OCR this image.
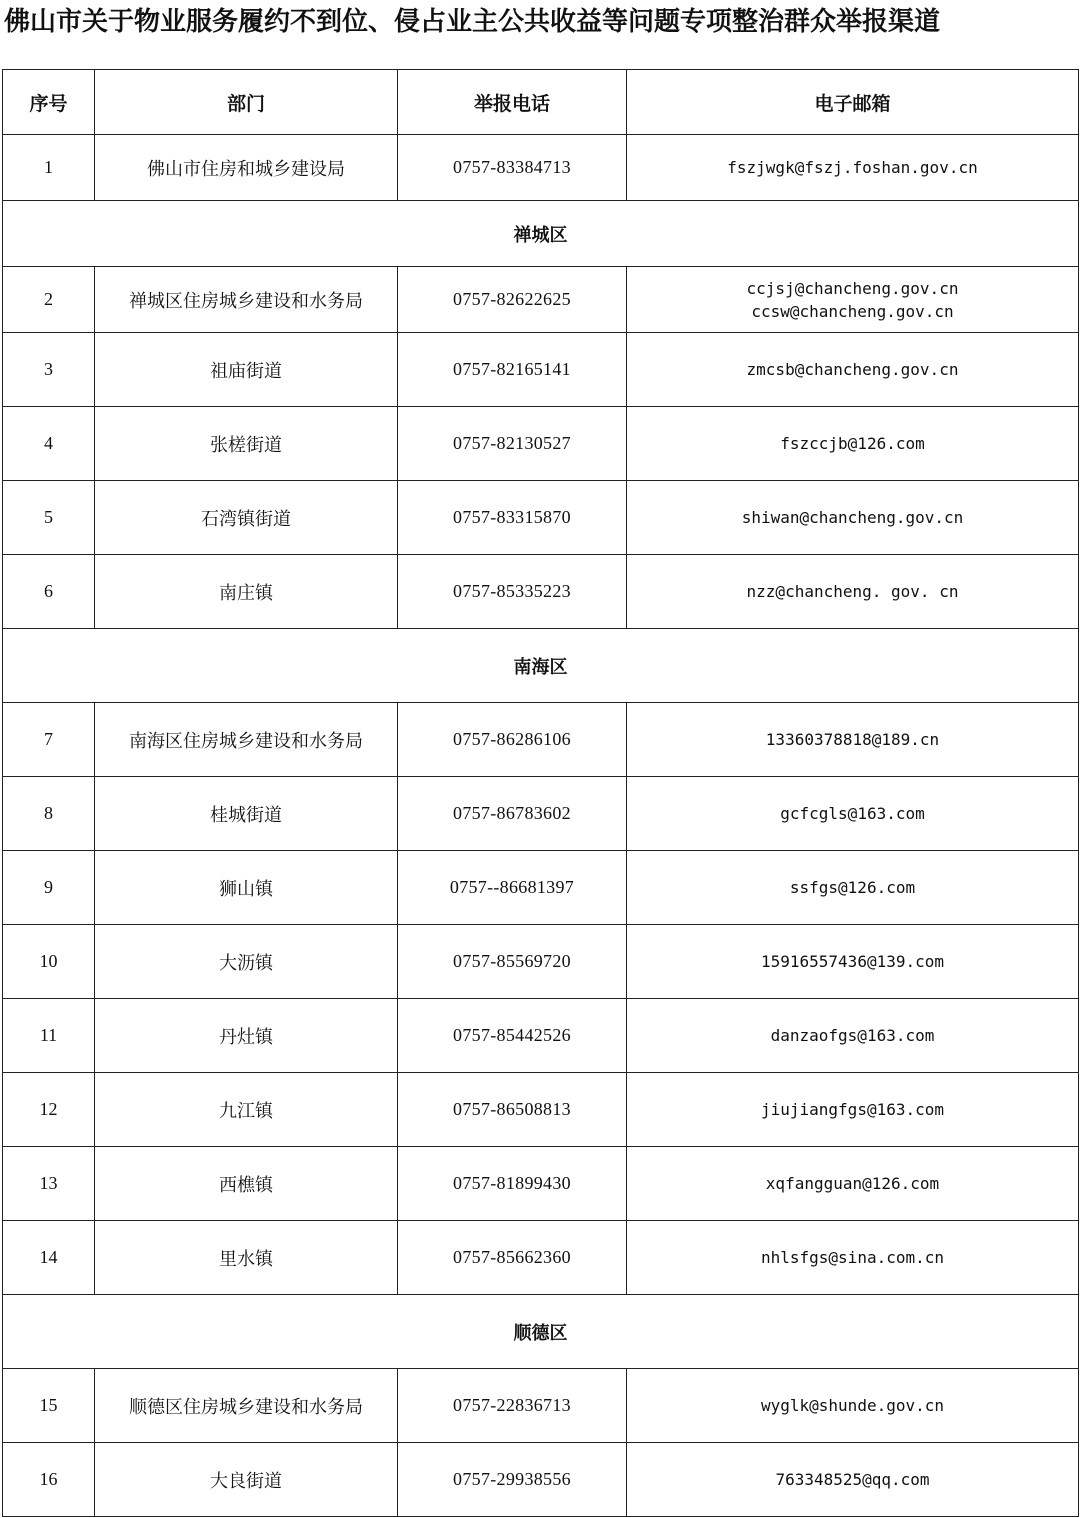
佛山市关于物业服务履约不到位、侵占业主公共收益等问题专项整治群众举报渠道
序号	部门	举报电话	电子邮箱
1	佛山市住房和城乡建设局	0757-83384713	fszjwgk@fszj.foshan.gov.cn

禅城区			
2	禅城区住房城乡建设和水务局	0757-82622625	ccjsj@chancheng.gov.cn
ccsw@chancheng.gov.cn

3	祖庙街道	0757-82165141	zmcsb@chancheng.gov.cn

4	张槎街道	0757-82130527	fszccjb@126.com

5	石湾镇街道	0757-83315870	shiwan@chancheng.gov.cn

6	南庄镇	0757-85335223	nzz@chancheng. gov. cn

南海区			
7	南海区住房城乡建设和水务局	0757-86286106	13360378818@189.cn

8	桂城街道	0757-86783602	gcfcgls@163.com

9	狮山镇	0757--86681397	ssfgs@126.com

10	大沥镇	0757-85569720	15916557436@139.com

11	丹灶镇	0757-85442526	danzaofgs@163.com

12	九江镇	0757-86508813	jiujiangfgs@163.com

13	西樵镇	0757-81899430	xqfangguan@126.com

14	里水镇	0757-85662360	nhlsfgs@sina.com.cn

顺德区			
15	顺德区住房城乡建设和水务局	0757-22836713	wyglk@shunde.gov.cn

16	大良街道	0757-29938556	763348525@qq.com
